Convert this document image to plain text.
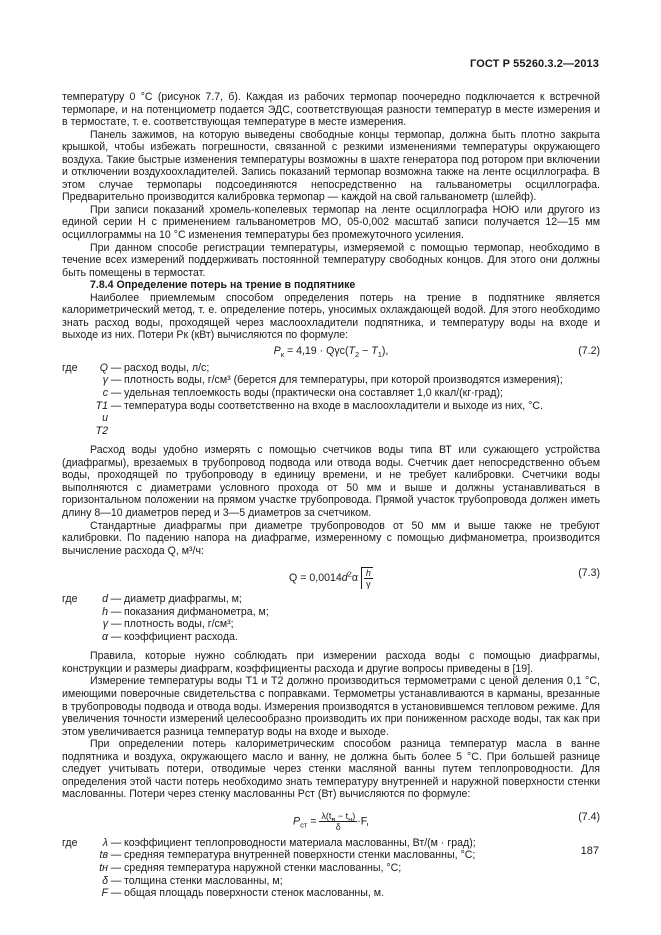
ГОСТ Р 55260.3.2—2013

температуру 0 °С (рисунок 7.7, б). Каждая из рабочих термопар поочередно подключается к встречной термопаре, и на потенциометр подается ЭДС, соответствующая разности температур в месте измерения и в термостате, т. е. соответствующая температуре в месте измерения.

Панель зажимов, на которую выведены свободные концы термопар, должна быть плотно закрыта крышкой, чтобы избежать погрешности, связанной с резкими изменениями температуры окружающего воздуха. Такие быстрые изменения температуры возможны в шахте генератора под ротором при включении и отключении воздухоохладителей. Запись показаний термопар возможна также на ленте осциллографа. В этом случае термопары подсоединяются непосредственно на гальванометры осциллографа. Предварительно производится калибровка термопар — каждой на свой гальванометр (шлейф).

При записи показаний хромель-копелевых термопар на ленте осциллографа НОЮ или другого из единой серии Н с применением гальванометров МО, 05-0,002 масштаб записи получается 12—15 мм осциллограммы на 10 °С изменения температуры без промежуточного усиления.

При данном способе регистрации температуры, измеряемой с помощью термопар, необходимо в течение всех измерений поддерживать постоянной температуру свободных концов. Для этого они должны быть помещены в термостат.

7.8.4 Определение потерь на трение в подпятнике

Наиболее приемлемым способом определения потерь на трение в подпятнике является калориметрический метод, т. е. определение потерь, уносимых охлаждающей водой. Для этого необходимо знать расход воды, проходящей через маслоохладители подпятника, и температуру воды на входе и выходе из них. Потери Pк (кВт) вычисляются по формуле:

$P_к = 4,19 \cdot Q\gamma c(T_2 - T_1)$,	(7.2)
где	Q — расход воды, л/с;
γ — плотность воды, г/см³ (берется для температуры, при которой производятся измерения);
c — удельная теплоемкость воды (практически она составляет 1,0 ккал/(кг·град);
T1 и T2
— температура воды соответственно на входе в маслоохладители и выходе из них, °С.

Расход воды удобно измерять с помощью счетчиков воды типа ВТ или сужающего устройства (диафрагмы), врезаемых в трубопровод подвода или отвода воды. Счетчик дает непосредственно объем воды, проходящей по трубопроводу в единицу времени, и не требует калибровки. Счетчики воды выполняются с диаметрами условного прохода от 50 мм и выше и должны устанавливаться в горизонтальном положении на прямом участке трубопровода. Прямой участок трубопровода должен иметь длину 8—10 диаметров перед и 3—5 диаметров за счетчиком.

Стандартные диафрагмы при диаметре трубопроводов от 50 мм и выше также не требуют калибровки. По падению напора на диафрагме, измеренному с помощью дифманометра, производится вычисление расхода Q, м³/ч:

$Q = 0,0014d^2\alpha \frac{h}{\gamma}$	(7.3)
где	d — диаметр диафрагмы, м;
h — показания дифманометра, м;
γ — плотность воды, г/см³;
α — коэффициент расхода.

Правила, которые нужно соблюдать при измерении расхода воды с помощью диафрагмы, конструкции и размеры диафрагм, коэффициенты расхода и другие вопросы приведены в [19].

Измерение температуры воды T1 и T2 должно производиться термометрами с ценой деления 0,1 °С, имеющими поверочные свидетельства с поправками. Термометры устанавливаются в карманы, врезанные в трубопроводы подвода и отвода воды. Измерения производятся в установившемся тепловом режиме. Для увеличения точности измерений целесообразно производить их при пониженном расходе воды, так как при этом увеличивается разница температур воды на входе и выходе.

При определении потерь калориметрическим способом разница температур масла в ванне подпятника и воздуха, окружающего масло и ванну, не должна быть более 5 °С. При большей разнице следует учитывать потери, отводимые через стенки масляной ванны путем теплопроводности. Для определения этой части потерь необходимо знать температуру внутренней и наружной поверхности стенки маслованны. Потери через стенку маслованны Pст (Вт) вычисляются по формуле:

$P_{ст} = \frac{\lambda(t_в - t_н)}{\delta} \cdot F$,	(7.4)
где	λ — коэффициент теплопроводности материала маслованны, Вт/(м · град);
tв — средняя температура внутренней поверхности стенки маслованны, °С;
tн — средняя температура наружной стенки маслованны, °С;
δ — толщина стенки маслованны, м;
F — общая площадь поверхности стенок маслованны, м.
187
